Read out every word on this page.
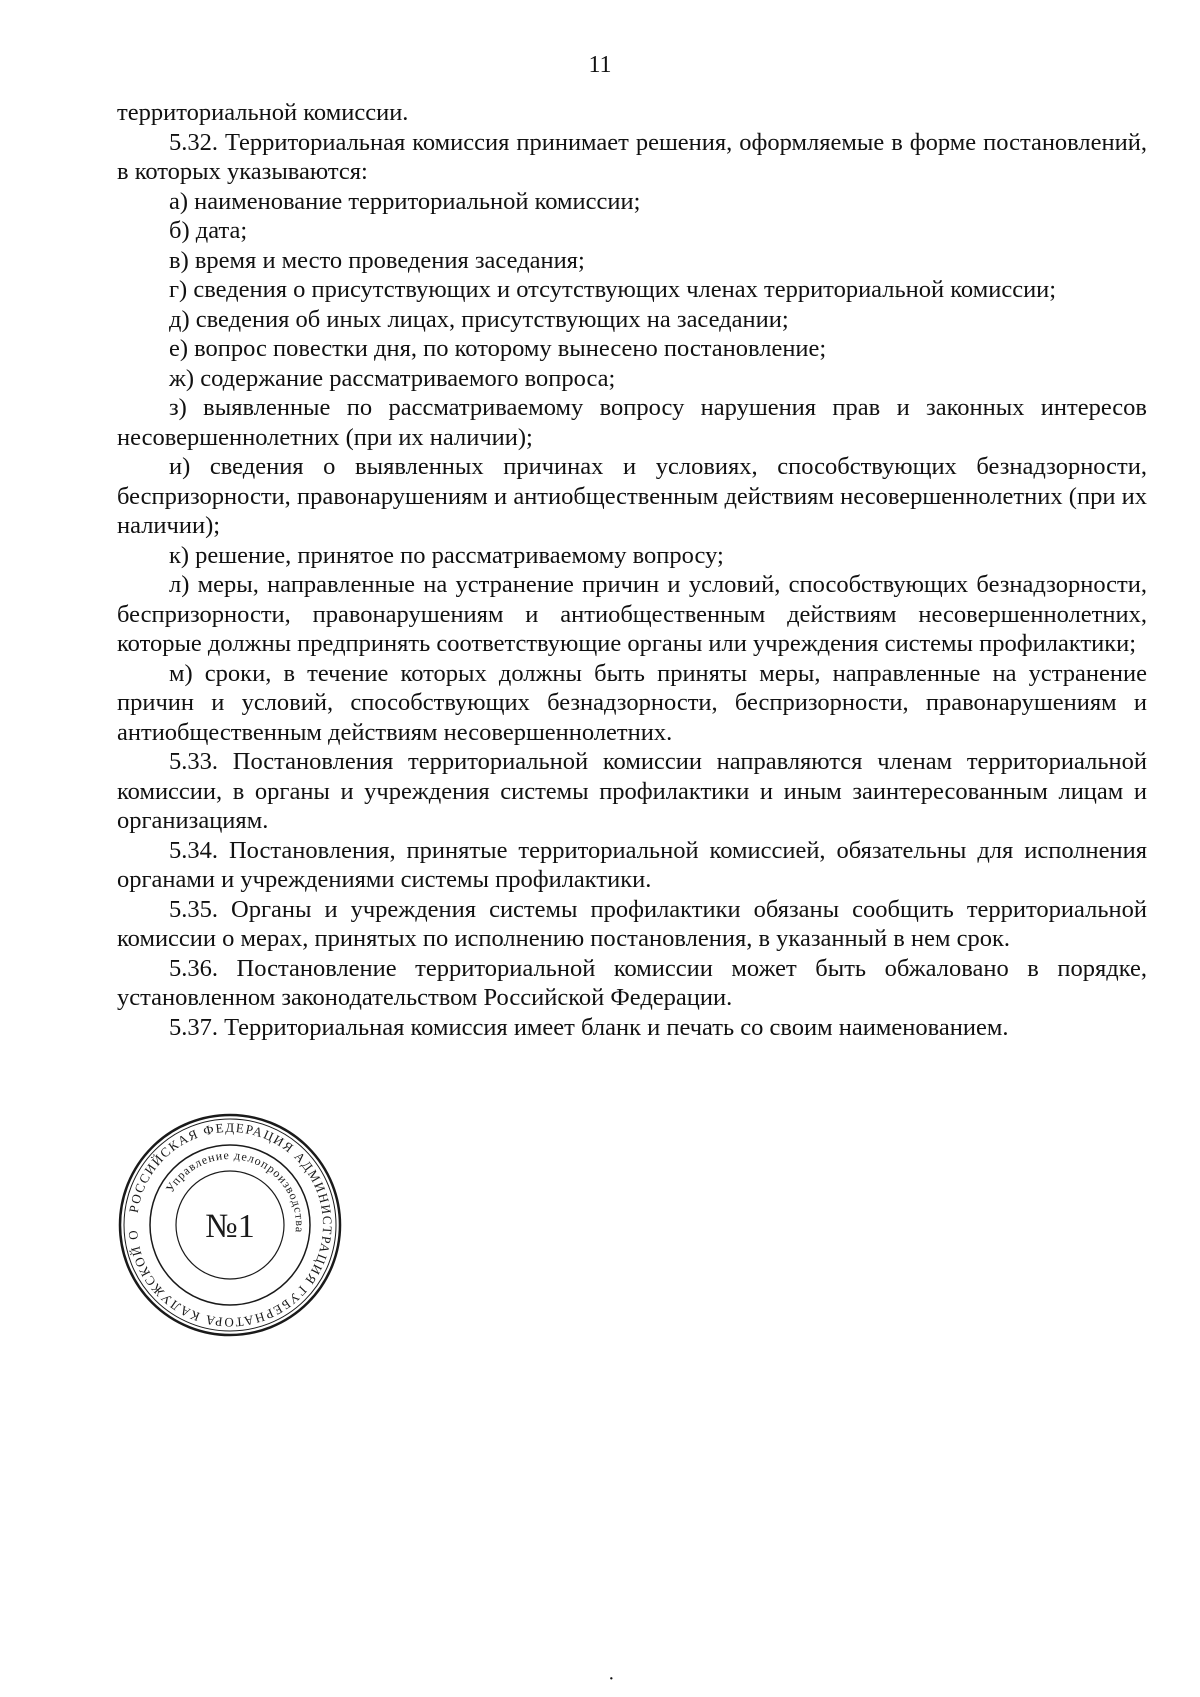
11

территориальной комиссии.

5.32. Территориальная комиссия принимает решения, оформляемые в форме постановлений, в которых указываются:

а) наименование территориальной комиссии;

б) дата;

в) время и место проведения заседания;

г) сведения о присутствующих и отсутствующих членах территориальной комиссии;

д) сведения об иных лицах, присутствующих на заседании;

е) вопрос повестки дня, по которому вынесено постановление;

ж) содержание рассматриваемого вопроса;

з) выявленные по рассматриваемому вопросу нарушения прав и законных интересов несовершеннолетних (при их наличии);

и) сведения о выявленных причинах и условиях, способствующих безнадзорности, беспризорности, правонарушениям и антиобщественным действиям несовершеннолетних (при их наличии);

к) решение, принятое по рассматриваемому вопросу;

л) меры, направленные на устранение причин и условий, способствующих безнадзорности, беспризорности, правонарушениям и антиобщественным действиям несовершеннолетних, которые должны предпринять соответствующие органы или учреждения системы профилактики;

м) сроки, в течение которых должны быть приняты меры, направленные на устранение причин и условий, способствующих безнадзорности, беспризорности, правонарушениям и антиобщественным действиям несовершеннолетних.

5.33. Постановления территориальной комиссии направляются членам территориальной комиссии, в органы и учреждения системы профилактики и иным заинтересованным лицам и организациям.

5.34. Постановления, принятые территориальной комиссией, обязательны для исполнения органами и учреждениями системы профилактики.

5.35. Органы и учреждения системы профилактики обязаны сообщить территориальной комиссии о мерах, принятых по исполнению постановления, в указанный в нем срок.

5.36. Постановление территориальной комиссии может быть обжаловано в порядке, установленном законодательством Российской Федерации.

5.37. Территориальная комиссия имеет бланк и печать со своим наименованием.

РОССИЙСКАЯ ФЕДЕРАЦИЯ АДМИНИСТРАЦИЯ ГУБЕРНАТОРА КАЛУЖСКОЙ О
Управление делопроизводства
№1
·
